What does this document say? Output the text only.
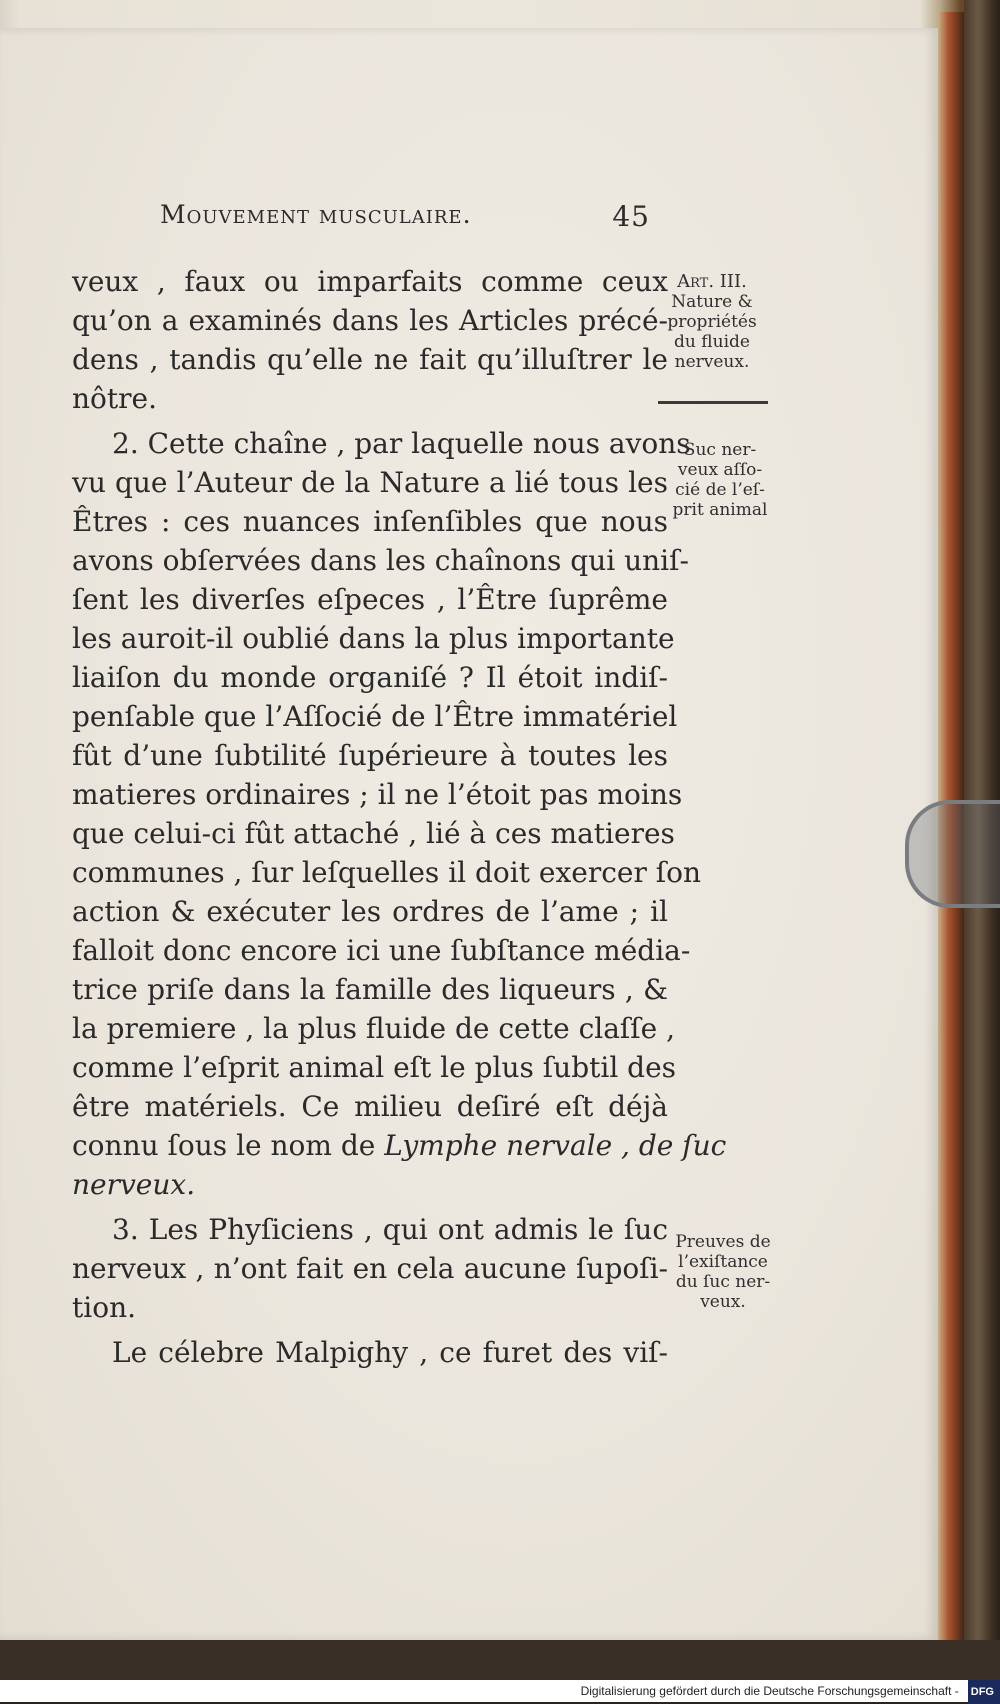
Mouvement musculaire.	45
veux , faux ou imparfaits comme ceux
qu’on a examinés dans les Articles précé-
dens , tandis qu’elle ne fait qu’illuſtrer le
nôtre.
2. Cette chaîne , par laquelle nous avons
vu que l’Auteur de la Nature a lié tous les
Êtres : ces nuances inſenſibles que nous
avons obſervées dans les chaînons qui uniſ-
ſent les diverſes eſpeces , l’Être ſuprême
les auroit-il oublié dans la plus importante
liaiſon du monde organiſé ? Il étoit indiſ-
penſable que l’Aſſocié de l’Être immatériel
fût d’une ſubtilité ſupérieure à toutes les
matieres ordinaires ; il ne l’étoit pas moins
que celui-ci fût attaché , lié à ces matieres
communes , ſur leſquelles il doit exercer ſon
action & exécuter les ordres de l’ame ; il
falloit donc encore ici une ſubſtance média-
trice priſe dans la famille des liqueurs , &
la premiere , la plus fluide de cette claſſe ,
comme l’eſprit animal eſt le plus ſubtil des
être matériels. Ce milieu deſiré eſt déjà
connu ſous le nom de Lymphe nervale , de ſuc
nerveux.
3. Les Phyſiciens , qui ont admis le ſuc
nerveux , n’ont fait en cela aucune ſupoſi-
tion.
Le célebre Malpighy , ce furet des viſ-
Art. III.
Nature &
propriétés
du fluide
nerveux.
Suc ner-
veux aſſo-
cié de l’eſ-
prit animal
Preuves de
l’exiſtance
du ſuc ner-
veux.
Digitalisierung gefördert durch die Deutsche Forschungsgemeinschaft - DFG
